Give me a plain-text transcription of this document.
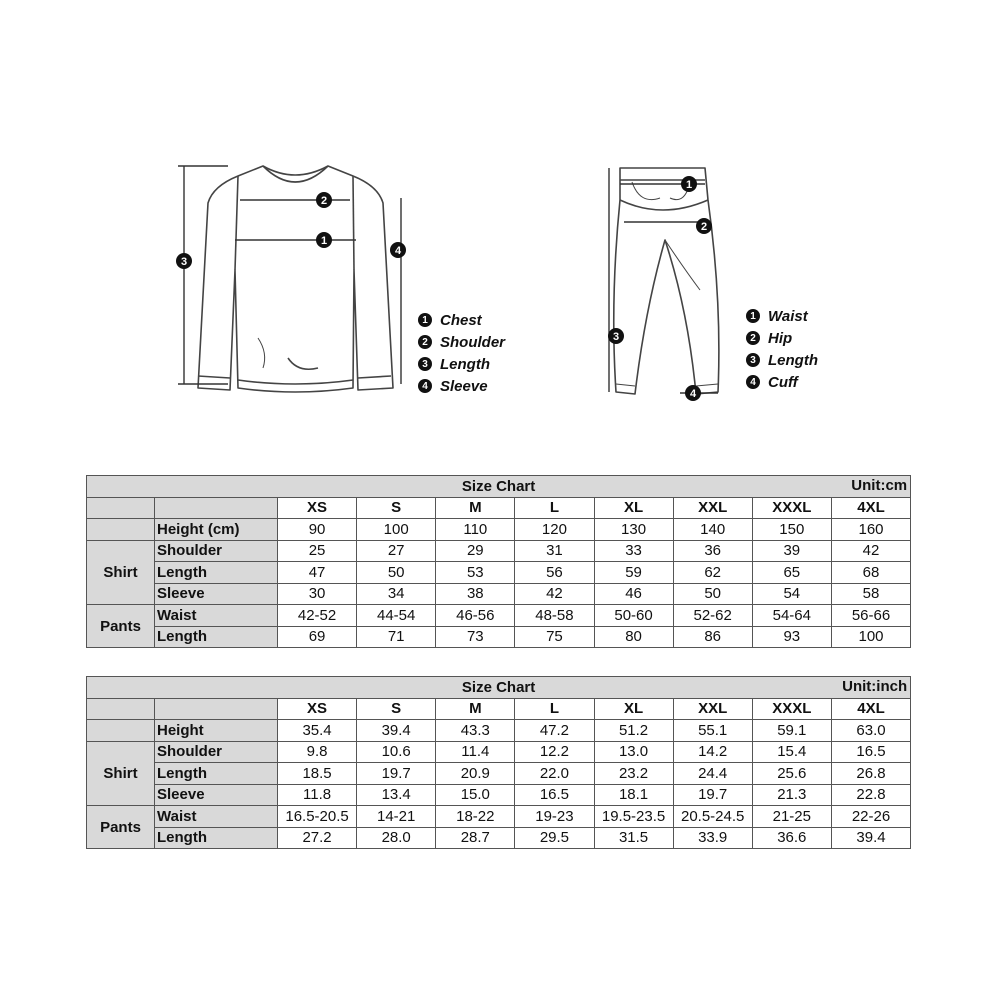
2
1
3
4
1 Chest
2 Shoulder
3 Length
4 Sleeve
1
2
3
4
1 Waist
2 Hip
3 Length
4 Cuff
Size Chart Unit:cm									

		XS	S	M	L	XL	XXL	XXXL	4XL
	Height (cm)	90	100	110	120	130	140	150	160
Shirt	Shoulder	25	27	29	31	33	36	39	42
	Length	47	50	53	56	59	62	65	68
	Sleeve	30	34	38	42	46	50	54	58
Pants	Waist	42-52	44-54	46-56	48-58	50-60	52-62	54-64	56-66
	Length	69	71	73	75	80	86	93	100
Size Chart Unit:inch									

		XS	S	M	L	XL	XXL	XXXL	4XL
	Height	35.4	39.4	43.3	47.2	51.2	55.1	59.1	63.0
Shirt	Shoulder	9.8	10.6	11.4	12.2	13.0	14.2	15.4	16.5
	Length	18.5	19.7	20.9	22.0	23.2	24.4	25.6	26.8
	Sleeve	11.8	13.4	15.0	16.5	18.1	19.7	21.3	22.8
Pants	Waist	16.5-20.5	14-21	18-22	19-23	19.5-23.5	20.5-24.5	21-25	22-26
	Length	27.2	28.0	28.7	29.5	31.5	33.9	36.6	39.4
